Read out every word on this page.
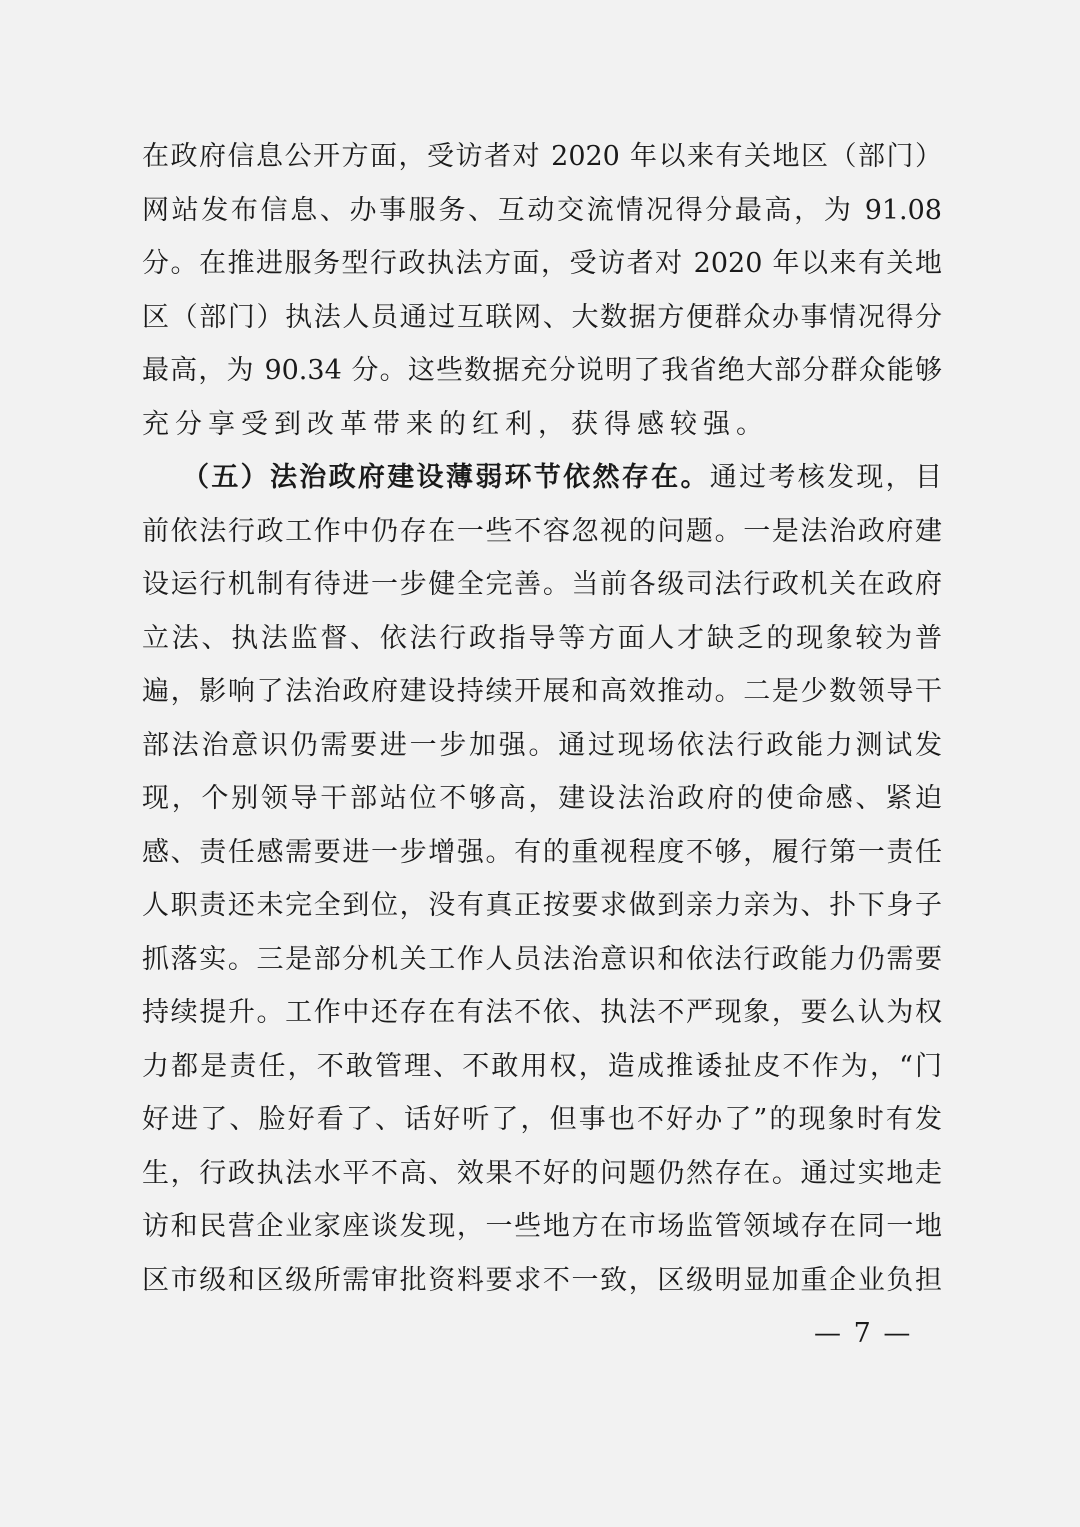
在政府信息公开方面，受访者对 2020 年以来有关地区（部门）
网站发布信息、办事服务、互动交流情况得分最高，为 91.08
分。在推进服务型行政执法方面，受访者对 2020 年以来有关地
区（部门）执法人员通过互联网、大数据方便群众办事情况得分
最高，为 90.34 分。这些数据充分说明了我省绝大部分群众能够
充分享受到改革带来的红利，获得感较强。
（五）法治政府建设薄弱环节依然存在。通过考核发现，目
前依法行政工作中仍存在一些不容忽视的问题。一是法治政府建
设运行机制有待进一步健全完善。当前各级司法行政机关在政府
立法、执法监督、依法行政指导等方面人才缺乏的现象较为普
遍，影响了法治政府建设持续开展和高效推动。二是少数领导干
部法治意识仍需要进一步加强。通过现场依法行政能力测试发
现，个别领导干部站位不够高，建设法治政府的使命感、紧迫
感、责任感需要进一步增强。有的重视程度不够，履行第一责任
人职责还未完全到位，没有真正按要求做到亲力亲为、扑下身子
抓落实。三是部分机关工作人员法治意识和依法行政能力仍需要
持续提升。工作中还存在有法不依、执法不严现象，要么认为权
力都是责任，不敢管理、不敢用权，造成推诿扯皮不作为，“门
好进了、脸好看了、话好听了，但事也不好办了”的现象时有发
生，行政执法水平不高、效果不好的问题仍然存在。通过实地走
访和民营企业家座谈发现，一些地方在市场监管领域存在同一地
区市级和区级所需审批资料要求不一致，区级明显加重企业负担
— 7 —
